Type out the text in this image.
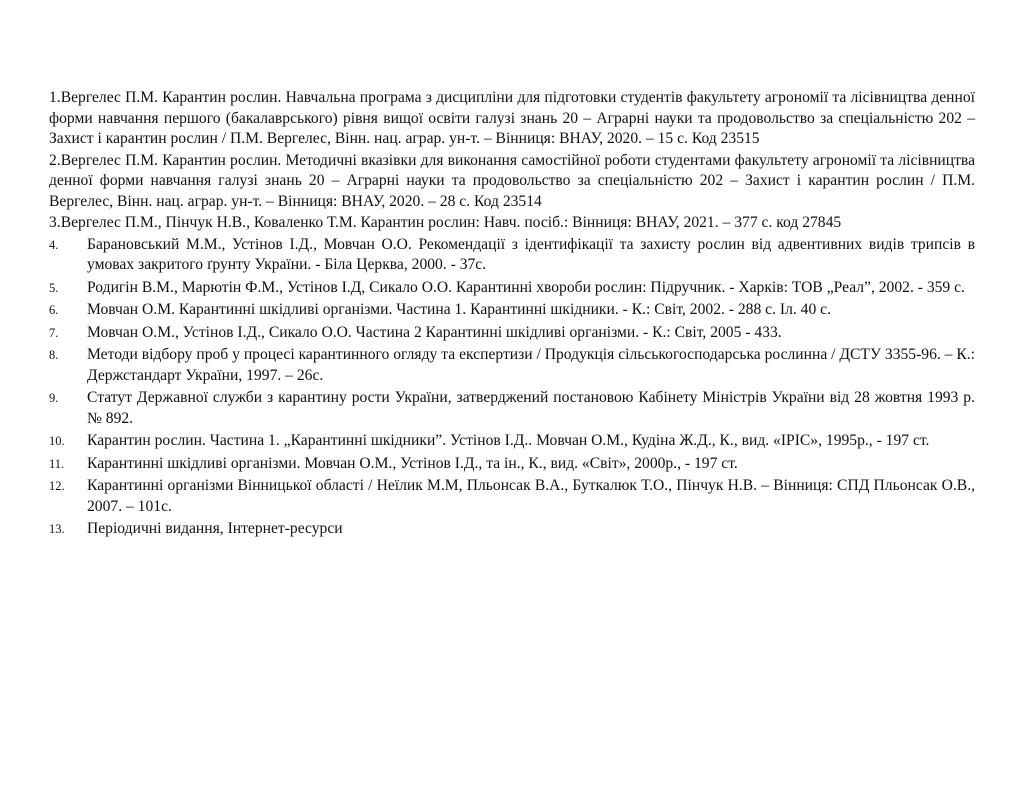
1.Вергелес П.М. Карантин рослин. Навчальна програма з дисципліни для підготовки студентів факультету агрономії та лісівництва денної форми навчання першого (бакалаврського) рівня вищої освіти галузі знань 20 – Аграрні науки та продовольство за спеціальністю 202 – Захист і карантин рослин / П.М. Вергелес, Вінн. нац. аграр. ун-т. – Вінниця: ВНАУ, 2020. – 15 с. Код 23515

2.Вергелес П.М. Карантин рослин. Методичні вказівки для виконання самостійної роботи студентами факультету агрономії та лісівництва денної форми навчання галузі знань 20 – Аграрні науки та продовольство за спеціальністю 202 – Захист і карантин рослин / П.М. Вергелес, Вінн. нац. аграр. ун-т. – Вінниця: ВНАУ, 2020. – 28 с. Код 23514

3.Вергелес П.М., Пінчук Н.В., Коваленко Т.М. Карантин рослин: Навч. посіб.: Вінниця: ВНАУ, 2021. – 377 с. код 27845

4.	Барановський М.М., Устінов І.Д., Мовчан О.О. Рекомендації з ідентифікації та захисту рослин від адвентивних видів трипсів в умовах закритого ґрунту України. - Біла Церква, 2000. - 37с.
5.	Родигін В.М., Марютін Ф.М., Устінов І.Д, Сикало О.О. Карантинні хвороби рослин: Підручник. - Харків: ТОВ „Реал”, 2002. - 359 с.
6.	Мовчан О.М. Карантинні шкідливі організми. Частина 1. Карантинні шкідники. - К.: Світ, 2002. - 288 с. Іл. 40 с.
7.	Мовчан О.М., Устінов І.Д., Сикало О.О. Частина 2 Карантинні шкідливі організми. - К.: Світ, 2005 - 433.
8.	Методи відбору проб у процесі карантинного огляду та експертизи / Продукція сільськогосподарська рослинна / ДСТУ 3355-96. – К.: Держстандарт України, 1997. – 26с.
9.	Статут Державної служби з карантину рости України, затверджений постановою Кабінету Міністрів України від 28 жовтня 1993 р. № 892.
10.	Карантин рослин. Частина 1. „Карантинні шкідники”. Устінов І.Д.. Мовчан О.М., Кудіна Ж.Д., К., вид. «ІРІС», 1995р., - 197 ст.
11.	Карантинні шкідливі організми. Мовчан О.М., Устінов І.Д., та ін., К., вид. «Світ», 2000р., - 197 ст.
12.	Карантинні організми Вінницької області / Неїлик М.М, Пльонсак В.А., Буткалюк Т.О., Пінчук Н.В. – Вінниця: СПД Пльонсак О.В., 2007. – 101с.
13.	Періодичні видання, Інтернет-ресурси
